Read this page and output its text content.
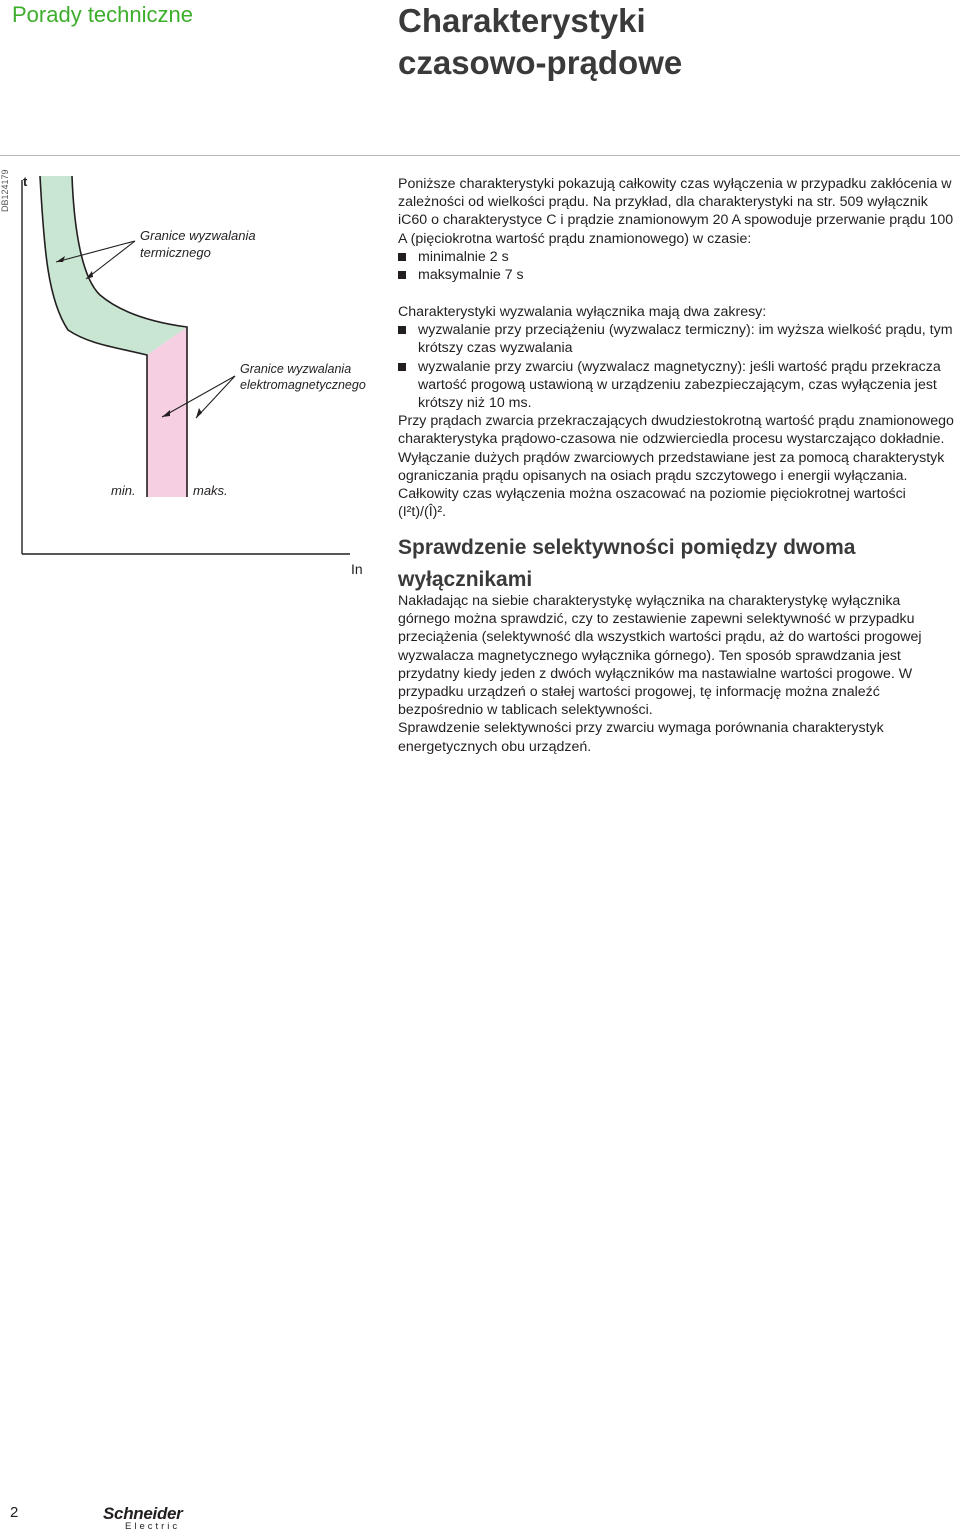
Porady techniczne	Charakterystyki
czasowo-prądowe
DB124179 t
In
Granice wyzwalania
termicznego
Granice wyzwalania
elektromagnetycznego
min.	maks.

Poniższe charakterystyki pokazują całkowity czas wyłączenia w przypadku zakłócenia w zależności od wielkości prądu. Na przykład, dla charakterystyki na str. 509 wyłącznik iC60 o charakterystyce C i prądzie znamionowym 20 A spowoduje przerwanie prądu 100 A (pięciokrotna wartość prądu znamionowego) w czasie:

minimalnie 2 s
maksymalnie 7 s

Charakterystyki wyzwalania wyłącznika mają dwa zakresy:

wyzwalanie przy przeciążeniu (wyzwalacz termiczny): im wyższa wielkość prądu, tym krótszy czas wyzwalania
wyzwalanie przy zwarciu (wyzwalacz magnetyczny): jeśli wartość prądu przekracza wartość progową ustawioną w urządzeniu zabezpieczającym, czas wyłączenia jest krótszy niż 10 ms.

Przy prądach zwarcia przekraczających dwudziestokrotną wartość prądu znamionowego charakterystyka prądowo-czasowa nie odzwierciedla procesu wystarczająco dokładnie. Wyłączanie dużych prądów zwarciowych przedstawiane jest za pomocą charakterystyk ograniczania prądu opisanych na osiach prądu szczytowego i energii wyłączania. Całkowity czas wyłączenia można oszacować na poziomie pięciokrotnej wartości (I²t)/(Î)².

Sprawdzenie selektywności pomiędzy dwoma wyłącznikami

Nakładając na siebie charakterystykę wyłącznika na charakterystykę wyłącznika górnego można sprawdzić, czy to zestawienie zapewni selektywność w przypadku przeciążenia (selektywność dla wszystkich wartości prądu, aż do wartości progowej wyzwalacza magnetycznego wyłącznika górnego). Ten sposób sprawdzania jest przydatny kiedy jeden z dwóch wyłączników ma nastawialne wartości progowe. W przypadku urządzeń o stałej wartości progowej, tę informację można znaleźć bezpośrednio w tablicach selektywności.

Sprawdzenie selektywności przy zwarciu wymaga porównania charakterystyk energetycznych obu urządzeń.

2	Schneider
Electric
